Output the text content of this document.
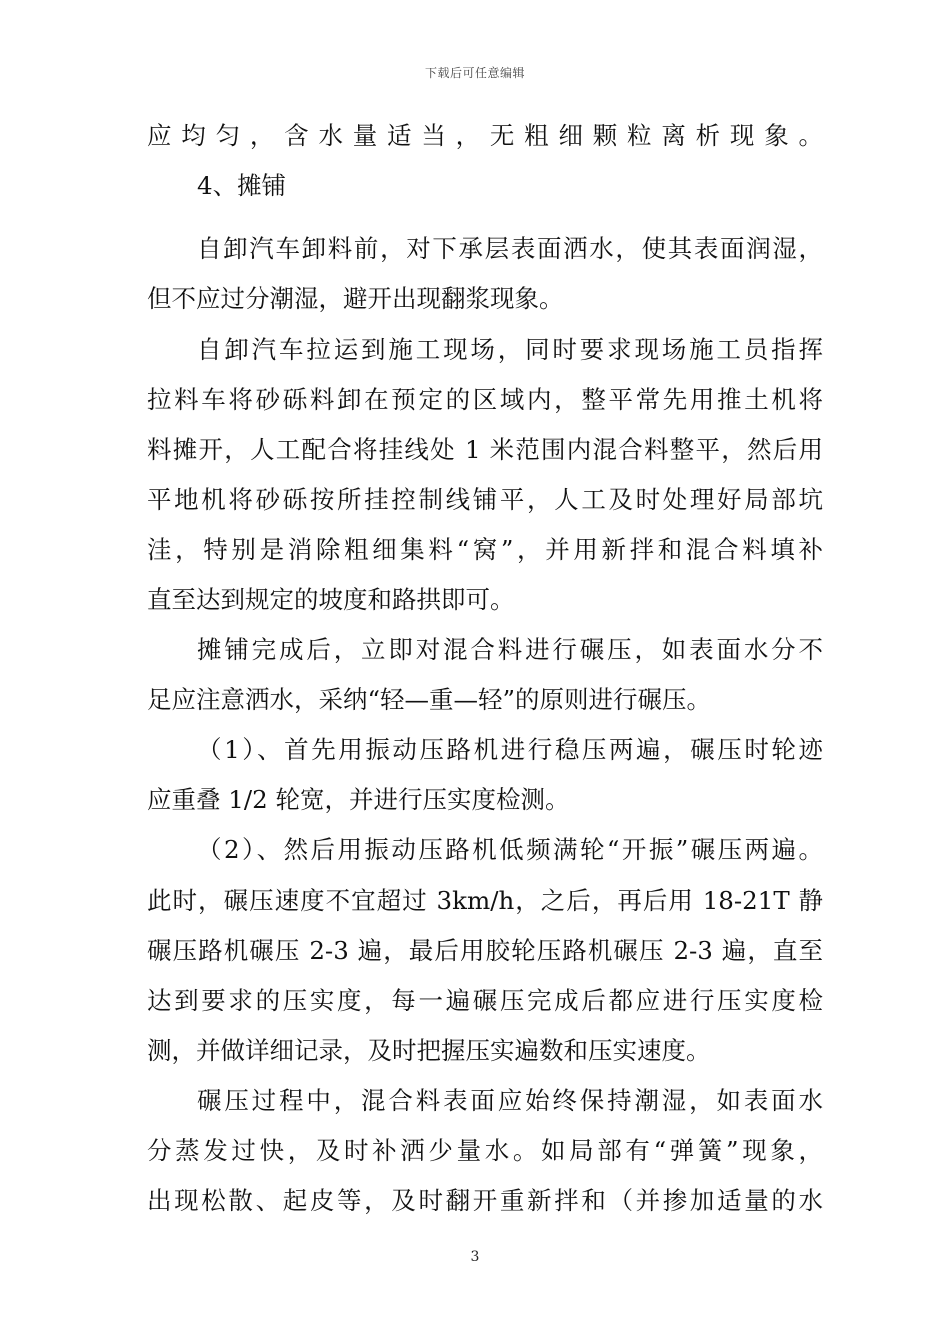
下载后可任意编辑
应均匀，含水量适当，无粗细颗粒离析现象。
4、摊铺
自卸汽车卸料前，对下承层表面洒水，使其表面润湿，
但不应过分潮湿，避开出现翻浆现象。
自卸汽车拉运到施工现场，同时要求现场施工员指挥
拉料车将砂砾料卸在预定的区域内，整平常先用推土机将
料摊开，人工配合将挂线处 1 米范围内混合料整平，然后用
平地机将砂砾按所挂控制线铺平，人工及时处理好局部坑
洼，特别是消除粗细集料“窝”，并用新拌和混合料填补
直至达到规定的坡度和路拱即可。
摊铺完成后，立即对混合料进行碾压，如表面水分不
足应注意洒水，采纳“轻—重—轻”的原则进行碾压。
（1）、首先用振动压路机进行稳压两遍，碾压时轮迹
应重叠 1/2 轮宽，并进行压实度检测。
（2）、然后用振动压路机低频满轮“开振”碾压两遍。
此时，碾压速度不宜超过 3km/h，之后，再后用 18-21T 静
碾压路机碾压 2-3 遍，最后用胶轮压路机碾压 2-3 遍，直至
达到要求的压实度，每一遍碾压完成后都应进行压实度检
测，并做详细记录，及时把握压实遍数和压实速度。
碾压过程中，混合料表面应始终保持潮湿，如表面水
分蒸发过快，及时补洒少量水。如局部有“弹簧”现象，
出现松散、起皮等，及时翻开重新拌和（并掺加适量的水
3
